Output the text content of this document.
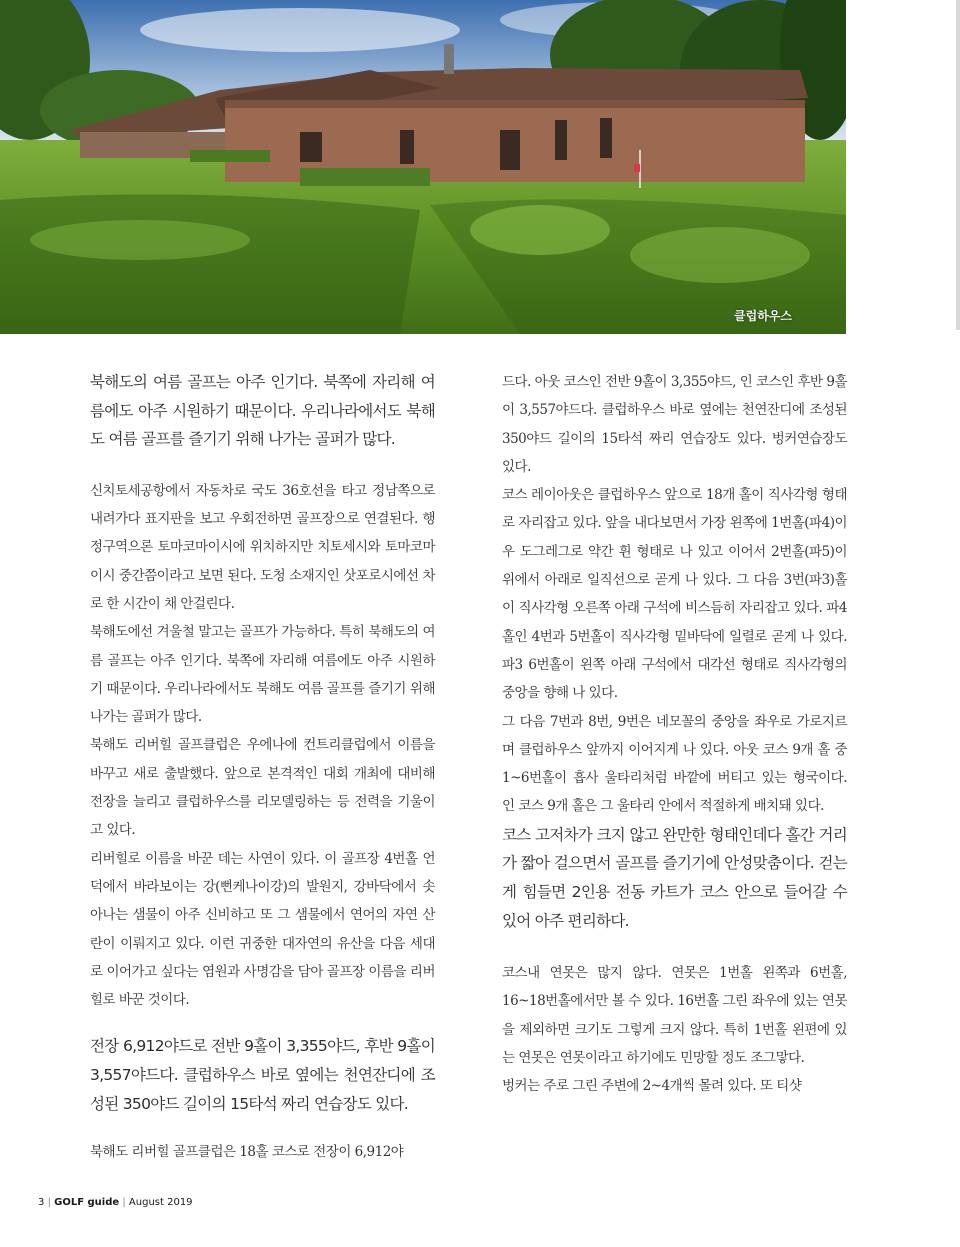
클럽하우스

북해도의 여름 골프는 아주 인기다. 북쪽에 자리해 여름에도 아주 시원하기 때문이다. 우리나라에서도 북해도 여름 골프를 즐기기 위해 나가는 골퍼가 많다.

신치토세공항에서 자동차로 국도 36호선을 타고 정남쪽으로 내려가다 표지판을 보고 우회전하면 골프장으로 연결된다. 행정구역으론 토마코마이시에 위치하지만 치토세시와 토마코마이시 중간쯤이라고 보면 된다. 도청 소재지인 삿포로시에선 차로 한 시간이 채 안걸린다.

북해도에선 겨울철 말고는 골프가 가능하다. 특히 북해도의 여름 골프는 아주 인기다. 북쪽에 자리해 여름에도 아주 시원하기 때문이다. 우리나라에서도 북해도 여름 골프를 즐기기 위해 나가는 골퍼가 많다.

북해도 리버힐 골프클럽은 우에나에 컨트리클럽에서 이름을 바꾸고 새로 출발했다. 앞으로 본격적인 대회 개최에 대비해 전장을 늘리고 클럽하우스를 리모델링하는 등 전력을 기울이고 있다.

리버힐로 이름을 바꾼 데는 사연이 있다. 이 골프장 4번홀 언덕에서 바라보이는 강(뻔케나이강)의 발원지, 강바닥에서 솟아나는 샘물이 아주 신비하고 또 그 샘물에서 연어의 자연 산란이 이뤄지고 있다. 이런 귀중한 대자연의 유산을 다음 세대로 이어가고 싶다는 염원과 사명감을 담아 골프장 이름을 리버힐로 바꾼 것이다.

전장 6,912야드로 전반 9홀이 3,355야드, 후반 9홀이 3,557야드다. 클럽하우스 바로 옆에는 천연잔디에 조성된 350야드 길이의 15타석 짜리 연습장도 있다.

북해도 리버힐 골프클럽은 18홀 코스로 전장이 6,912야

드다. 아웃 코스인 전반 9홀이 3,355야드, 인 코스인 후반 9홀이 3,557야드다. 클럽하우스 바로 옆에는 천연잔디에 조성된 350야드 길이의 15타석 짜리 연습장도 있다. 벙커연습장도 있다.

코스 레이아웃은 클럽하우스 앞으로 18개 홀이 직사각형 형태로 자리잡고 있다. 앞을 내다보면서 가장 왼쪽에 1번홀(파4)이 우 도그레그로 약간 휜 형태로 나 있고 이어서 2번홀(파5)이 위에서 아래로 일직선으로 곧게 나 있다. 그 다음 3번(파3)홀이 직사각형 오른쪽 아래 구석에 비스듬히 자리잡고 있다. 파4홀인 4번과 5번홀이 직사각형 밑바닥에 일렬로 곧게 나 있다. 파3 6번홀이 왼쪽 아래 구석에서 대각선 형태로 직사각형의 중앙을 향해 나 있다.

그 다음 7번과 8번, 9번은 네모꼴의 중앙을 좌우로 가로지르며 클럽하우스 앞까지 이어지게 나 있다. 아웃 코스 9개 홀 중 1~6번홀이 흡사 울타리처럼 바깥에 버티고 있는 형국이다. 인 코스 9개 홀은 그 울타리 안에서 적절하게 배치돼 있다.

코스 고저차가 크지 않고 완만한 형태인데다 홀간 거리가 짧아 걸으면서 골프를 즐기기에 안성맞춤이다. 걷는 게 힘들면 2인용 전동 카트가 코스 안으로 들어갈 수 있어 아주 편리하다.

코스내 연못은 많지 않다. 연못은 1번홀 왼쪽과 6번홀, 16~18번홀에서만 볼 수 있다. 16번홀 그린 좌우에 있는 연못을 제외하면 크기도 그렇게 크지 않다. 특히 1번홀 왼편에 있는 연못은 연못이라고 하기에도 민망할 정도 조그맣다.

벙커는 주로 그린 주변에 2~4개씩 몰려 있다. 또 티샷

3 | GOLF guide | August 2019
